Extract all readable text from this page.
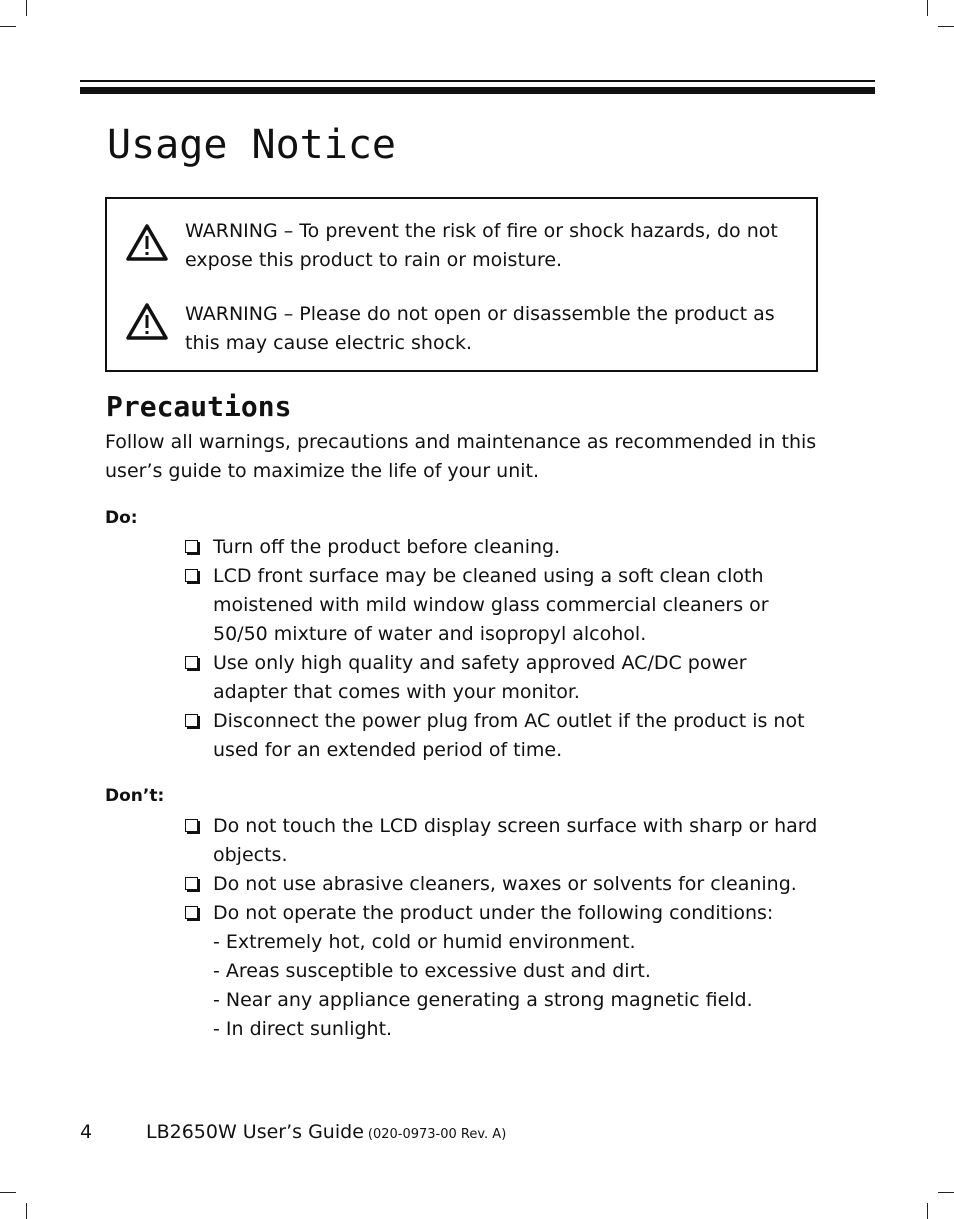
Usage Notice
WARNING – To prevent the risk of fire or shock hazards, do not expose this product to rain or moisture.
WARNING – Please do not open or disassemble the product as this may cause electric shock.
Precautions
Follow all warnings, precautions and maintenance as recommended in this user’s guide to maximize the life of your unit.
Do:
Turn off the product before cleaning.
LCD front surface may be cleaned using a soft clean cloth moistened with mild window glass commercial cleaners or 50/50 mixture of water and isopropyl alcohol.
Use only high quality and safety approved AC/DC power adapter that comes with your monitor.
Disconnect the power plug from AC outlet if the product is not used for an extended period of time.
Don’t:
Do not touch the LCD display screen surface with sharp or hard objects.
Do not use abrasive cleaners, waxes or solvents for cleaning.
Do not operate the product under the following conditions:
- Extremely hot, cold or humid environment.
- Areas susceptible to excessive dust and dirt.
- Near any appliance generating a strong magnetic field.
- In direct sunlight.
4	LB2650W User’s Guide (020-0973-00 Rev. A)
